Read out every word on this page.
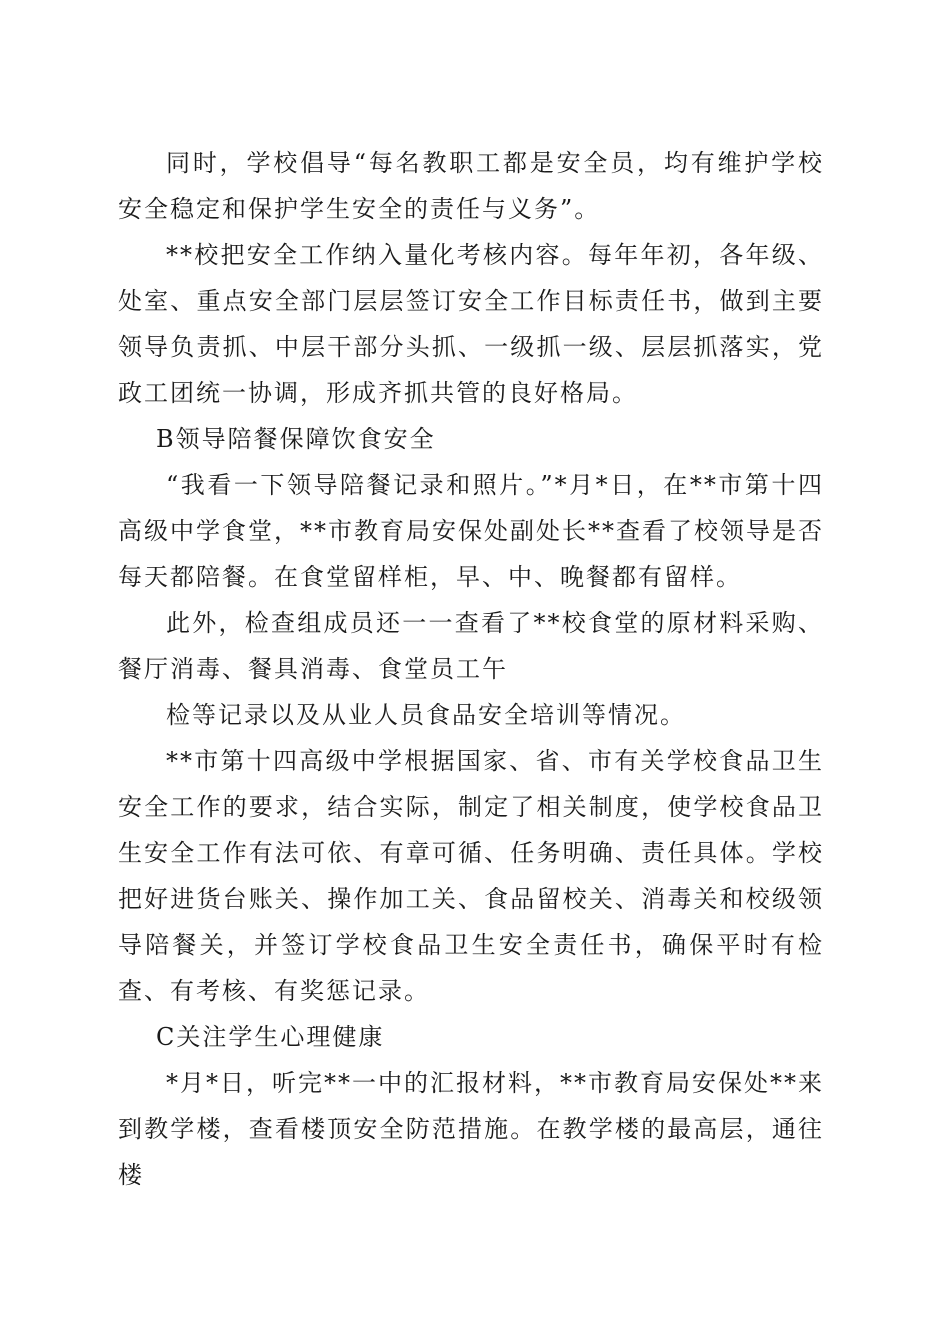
同时，学校倡导“每名教职工都是安全员，均有维护学校安全稳定和保护学生安全的责任与义务”。

**校把安全工作纳入量化考核内容。每年年初，各年级、处室、重点安全部门层层签订安全工作目标责任书，做到主要领导负责抓、中层干部分头抓、一级抓一级、层层抓落实，党政工团统一协调，形成齐抓共管的良好格局。

B领导陪餐保障饮食安全

“我看一下领导陪餐记录和照片。”*月*日，在**市第十四高级中学食堂，**市教育局安保处副处长**查看了校领导是否每天都陪餐。在食堂留样柜，早、中、晚餐都有留样。

此外，检查组成员还一一查看了**校食堂的原材料采购、餐厅消毒、餐具消毒、食堂员工午

检等记录以及从业人员食品安全培训等情况。

**市第十四高级中学根据国家、省、市有关学校食品卫生安全工作的要求，结合实际，制定了相关制度，使学校食品卫生安全工作有法可依、有章可循、任务明确、责任具体。学校把好进货台账关、操作加工关、食品留校关、消毒关和校级领导陪餐关，并签订学校食品卫生安全责任书，确保平时有检查、有考核、有奖惩记录。

C关注学生心理健康

*月*日，听完**一中的汇报材料，**市教育局安保处**来到教学楼，查看楼顶安全防范措施。在教学楼的最高层，通往楼
